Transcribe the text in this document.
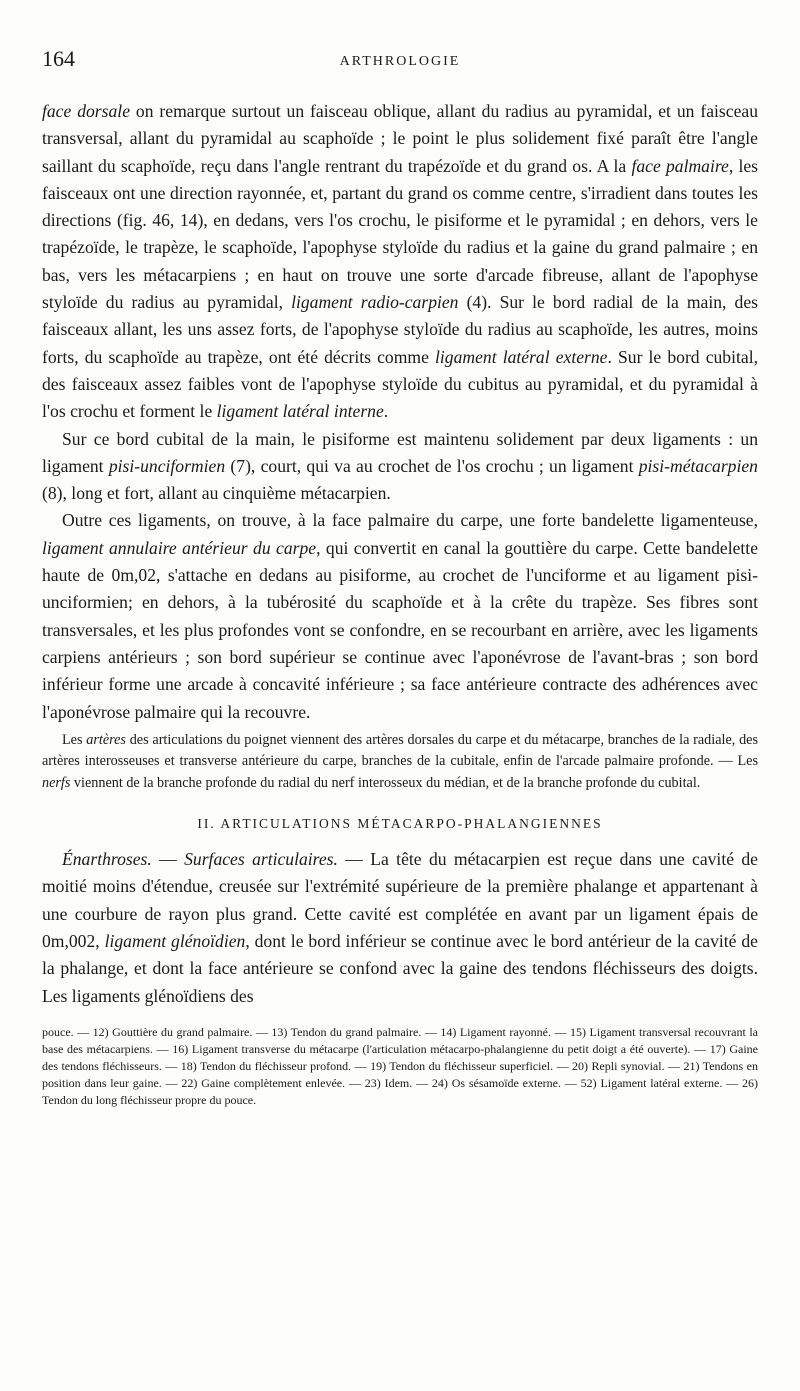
164	ARTHROLOGIE

face dorsale on remarque surtout un faisceau oblique, allant du radius au pyramidal, et un faisceau transversal, allant du pyramidal au scaphoïde ; le point le plus solidement fixé paraît être l'angle saillant du scaphoïde, reçu dans l'angle rentrant du trapézoïde et du grand os. A la face palmaire, les faisceaux ont une direction rayonnée, et, partant du grand os comme centre, s'irradient dans toutes les directions (fig. 46, 14), en dedans, vers l'os crochu, le pisiforme et le pyramidal ; en dehors, vers le trapézoïde, le trapèze, le scaphoïde, l'apophyse styloïde du radius et la gaine du grand palmaire ; en bas, vers les métacarpiens ; en haut on trouve une sorte d'arcade fibreuse, allant de l'apophyse styloïde du radius au pyramidal, ligament radio-carpien (4). Sur le bord radial de la main, des faisceaux allant, les uns assez forts, de l'apophyse styloïde du radius au scaphoïde, les autres, moins forts, du scaphoïde au trapèze, ont été décrits comme ligament latéral externe. Sur le bord cubital, des faisceaux assez faibles vont de l'apophyse styloïde du cubitus au pyramidal, et du pyramidal à l'os crochu et forment le ligament latéral interne.

Sur ce bord cubital de la main, le pisiforme est maintenu solidement par deux ligaments : un ligament pisi-unciformien (7), court, qui va au crochet de l'os crochu ; un ligament pisi-métacarpien (8), long et fort, allant au cinquième métacarpien.

Outre ces ligaments, on trouve, à la face palmaire du carpe, une forte bandelette ligamenteuse, ligament annulaire antérieur du carpe, qui convertit en canal la gouttière du carpe. Cette bandelette haute de 0m,02, s'attache en dedans au pisiforme, au crochet de l'unciforme et au ligament pisi-unciformien; en dehors, à la tubérosité du scaphoïde et à la crête du trapèze. Ses fibres sont transversales, et les plus profondes vont se confondre, en se recourbant en arrière, avec les ligaments carpiens antérieurs ; son bord supérieur se continue avec l'aponévrose de l'avant-bras ; son bord inférieur forme une arcade à concavité inférieure ; sa face antérieure contracte des adhérences avec l'aponévrose palmaire qui la recouvre.

Les artères des articulations du poignet viennent des artères dorsales du carpe et du métacarpe, branches de la radiale, des artères interosseuses et transverse antérieure du carpe, branches de la cubitale, enfin de l'arcade palmaire profonde. — Les nerfs viennent de la branche profonde du radial du nerf interosseux du médian, et de la branche profonde du cubital.

II. ARTICULATIONS MÉTACARPO-PHALANGIENNES

Énarthroses. — Surfaces articulaires. — La tête du métacarpien est reçue dans une cavité de moitié moins d'étendue, creusée sur l'extrémité supérieure de la première phalange et appartenant à une courbure de rayon plus grand. Cette cavité est complétée en avant par un ligament épais de 0m,002, ligament glénoïdien, dont le bord inférieur se continue avec le bord antérieur de la cavité de la phalange, et dont la face antérieure se confond avec la gaine des tendons fléchisseurs des doigts. Les ligaments glénoïdiens des

pouce. — 12) Gouttière du grand palmaire. — 13) Tendon du grand palmaire. — 14) Ligament rayonné. — 15) Ligament transversal recouvrant la base des métacarpiens. — 16) Ligament transverse du métacarpe (l'articulation métacarpo-phalangienne du petit doigt a été ouverte). — 17) Gaine des tendons fléchisseurs. — 18) Tendon du fléchisseur profond. — 19) Tendon du fléchisseur superficiel. — 20) Repli synovial. — 21) Tendons en position dans leur gaine. — 22) Gaine complètement enlevée. — 23) Idem. — 24) Os sésamoïde externe. — 52) Ligament latéral externe. — 26) Tendon du long fléchisseur propre du pouce.
